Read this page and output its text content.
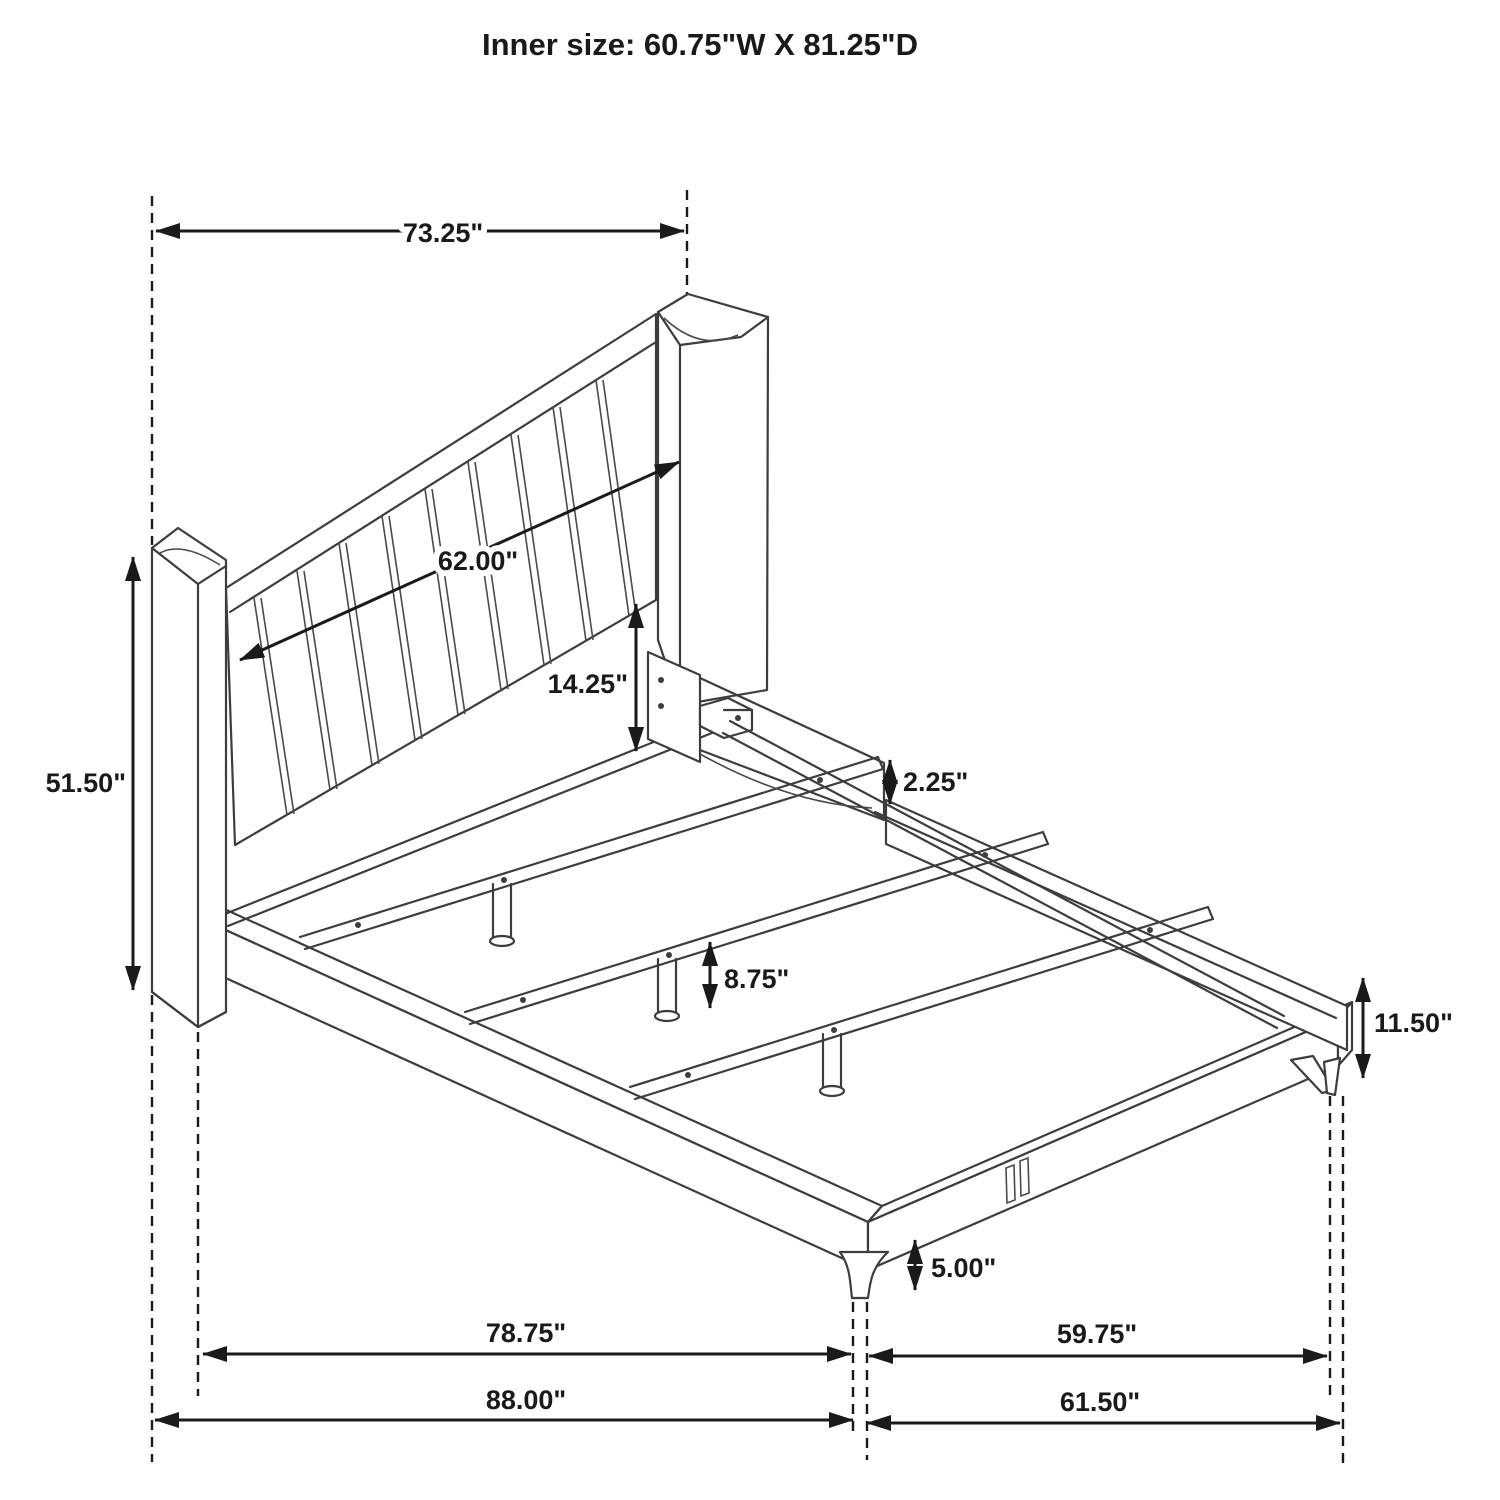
73.25"
51.50"
62.00"
14.25"
2.25"
8.75"
11.50"
5.00"
78.75"	59.75"
88.00"	61.50"
Inner size: 60.75"W X 81.25"D
